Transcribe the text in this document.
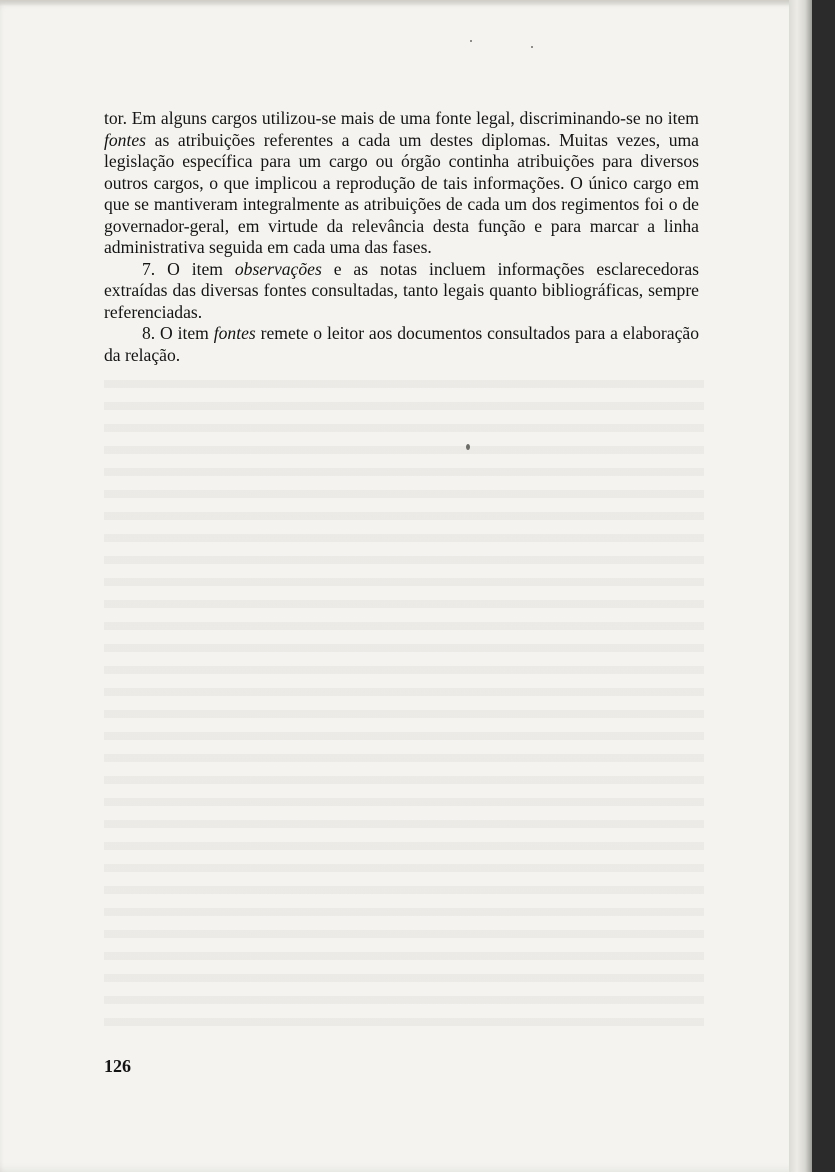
tor. Em alguns cargos utilizou-se mais de uma fonte legal, discriminando-se no item fontes as atribuições referentes a cada um destes diplomas. Muitas vezes, uma legislação específica para um cargo ou órgão continha atribuições para diversos outros cargos, o que implicou a reprodução de tais informações. O único cargo em que se mantiveram integralmente as atribuições de cada um dos regimentos foi o de governador-geral, em virtude da relevância desta função e para marcar a linha administrativa seguida em cada uma das fases.

7. O item observações e as notas incluem informações esclarecedoras extraídas das diversas fontes consultadas, tanto legais quanto bibliográficas, sempre referenciadas.

8. O item fontes remete o leitor aos documentos consultados para a elaboração da relação.

126
